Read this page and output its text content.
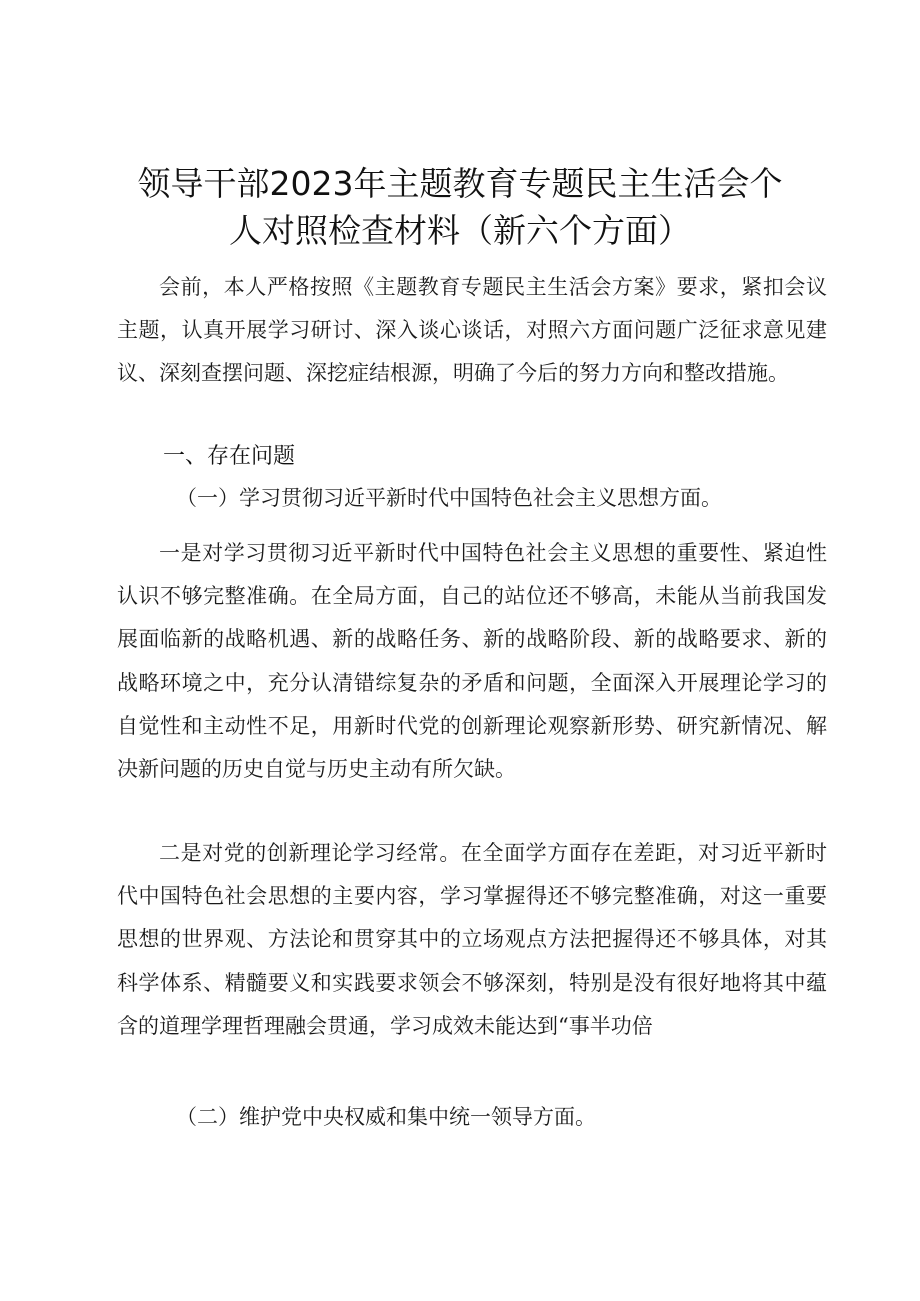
领导干部2023年主题教育专题民主生活会个
人对照检查材料（新六个方面）

会前，本人严格按照《主题教育专题民主生活会方案》要求，紧扣会议主题，认真开展学习研讨、深入谈心谈话，对照六方面问题广泛征求意见建议、深刻查摆问题、深挖症结根源，明确了今后的努力方向和整改措施。

一、存在问题
（一）学习贯彻习近平新时代中国特色社会主义思想方面。

一是对学习贯彻习近平新时代中国特色社会主义思想的重要性、紧迫性认识不够完整准确。在全局方面，自己的站位还不够高，未能从当前我国发展面临新的战略机遇、新的战略任务、新的战略阶段、新的战略要求、新的战略环境之中，充分认清错综复杂的矛盾和问题，全面深入开展理论学习的自觉性和主动性不足，用新时代党的创新理论观察新形势、研究新情况、解决新问题的历史自觉与历史主动有所欠缺。

二是对党的创新理论学习经常。在全面学方面存在差距，对习近平新时代中国特色社会思想的主要内容，学习掌握得还不够完整准确，对这一重要思想的世界观、方法论和贯穿其中的立场观点方法把握得还不够具体，对其科学体系、精髓要义和实践要求领会不够深刻，特别是没有很好地将其中蕴含的道理学理哲理融会贯通，学习成效未能达到“事半功倍

（二）维护党中央权威和集中统一领导方面。
